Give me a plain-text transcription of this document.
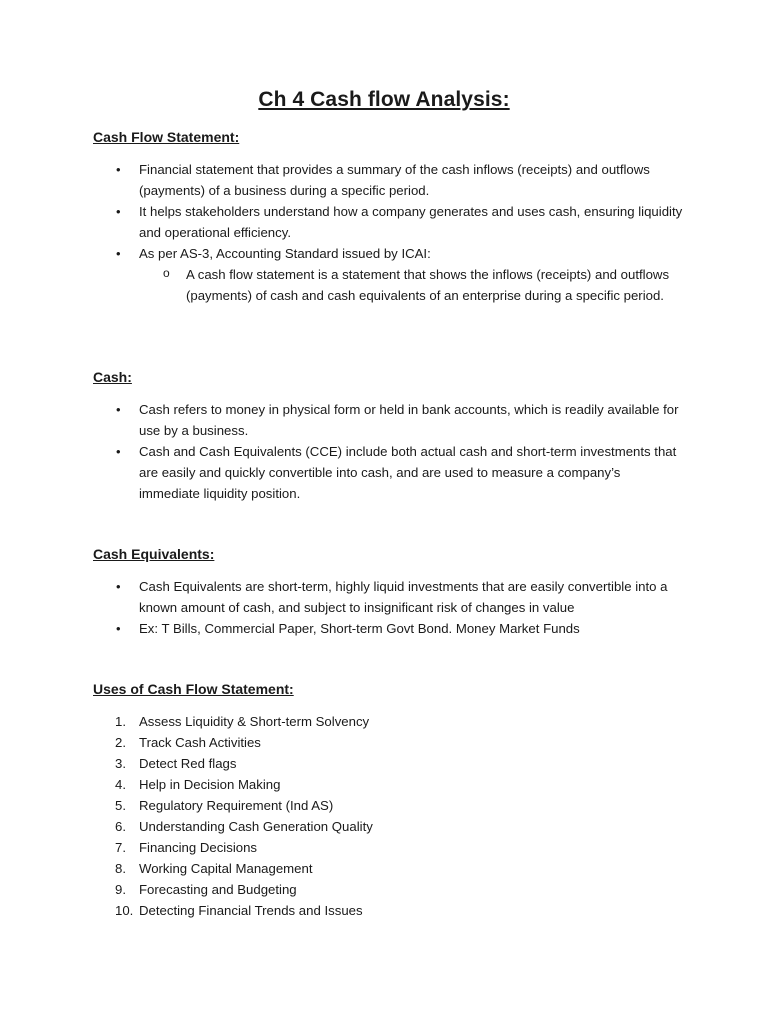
Ch 4 Cash flow Analysis:
Cash Flow Statement:
• Financial statement that provides a summary of the cash inflows (receipts) and outflows (payments) of a business during a specific period.
• It helps stakeholders understand how a company generates and uses cash, ensuring liquidity and operational efficiency.
• As per AS-3, Accounting Standard issued by ICAI:
o A cash flow statement is a statement that shows the inflows (receipts) and outflows (payments) of cash and cash equivalents of an enterprise during a specific period.
Cash:
• Cash refers to money in physical form or held in bank accounts, which is readily available for use by a business.
• Cash and Cash Equivalents (CCE) include both actual cash and short-term investments that are easily and quickly convertible into cash, and are used to measure a company’s immediate liquidity position.
Cash Equivalents:
• Cash Equivalents are short-term, highly liquid investments that are easily convertible into a known amount of cash, and subject to insignificant risk of changes in value
• Ex: T Bills, Commercial Paper, Short-term Govt Bond. Money Market Funds
Uses of Cash Flow Statement:
1. Assess Liquidity & Short-term Solvency
2. Track Cash Activities
3. Detect Red flags
4. Help in Decision Making
5. Regulatory Requirement (Ind AS)
6. Understanding Cash Generation Quality
7. Financing Decisions
8. Working Capital Management
9. Forecasting and Budgeting
10. Detecting Financial Trends and Issues
